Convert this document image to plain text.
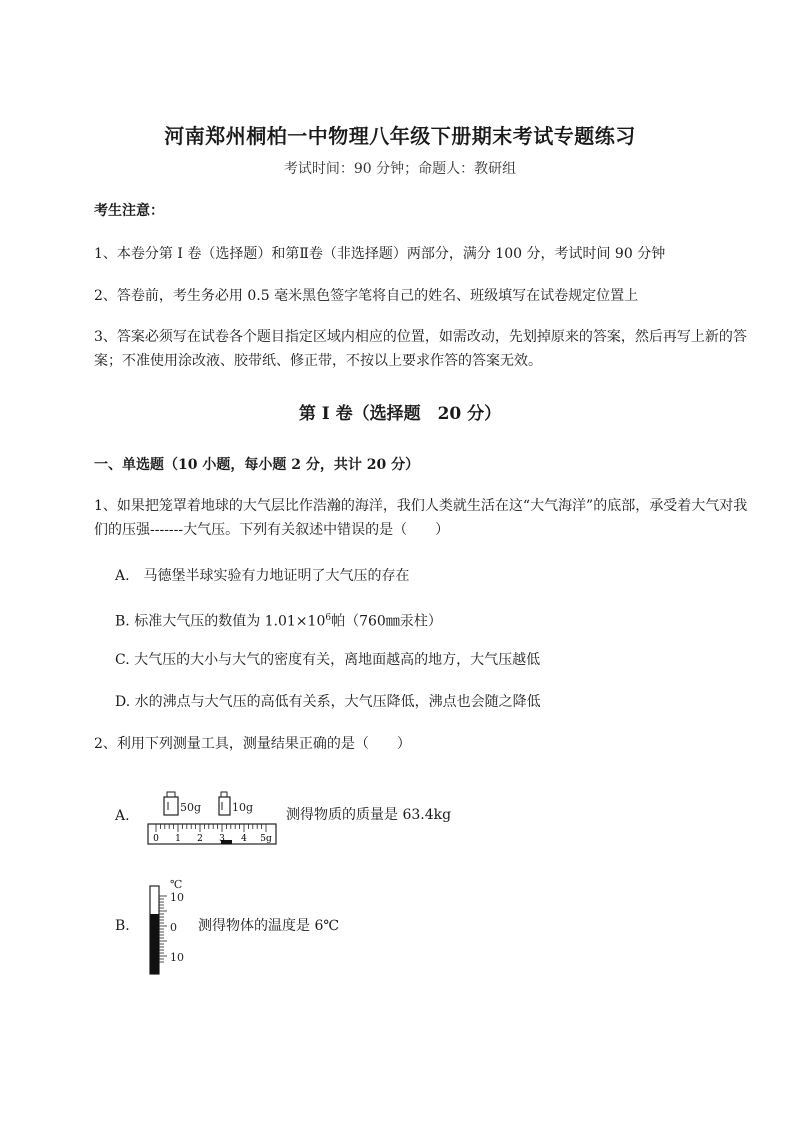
河南郑州桐柏一中物理八年级下册期末考试专题练习
考试时间：90 分钟；命题人：教研组
考生注意：
1、本卷分第 I 卷（选择题）和第Ⅱ卷（非选择题）两部分，满分 100 分，考试时间 90 分钟
2、答卷前，考生务必用 0.5 毫米黑色签字笔将自己的姓名、班级填写在试卷规定位置上
3、答案必须写在试卷各个题目指定区域内相应的位置，如需改动，先划掉原来的答案，然后再写上新的答案；不准使用涂改液、胶带纸、修正带，不按以上要求作答的答案无效。
第 I 卷（选择题　20 分）
一、单选题（10 小题，每小题 2 分，共计 20 分）
1、如果把笼罩着地球的大气层比作浩瀚的海洋，我们人类就生活在这“大气海洋”的底部，承受着大气对我们的压强-------大气压。下列有关叙述中错误的是（　　）
A.　马德堡半球实验有力地证明了大气压的存在
B. 标准大气压的数值为 $1.01\times 10^6$帕（760㎜汞柱）
C. 大气压的大小与大气的密度有关，离地面越高的地方，大气压越低
D. 水的沸点与大气压的高低有关系，大气压降低，沸点也会随之降低
2、利用下列测量工具，测量结果正确的是（　　）
A.
50g	10g
0 1 2 3 4 5g
测得物质的质量是 63.4kg
B.
℃
10
0
10
测得物体的温度是 6℃
